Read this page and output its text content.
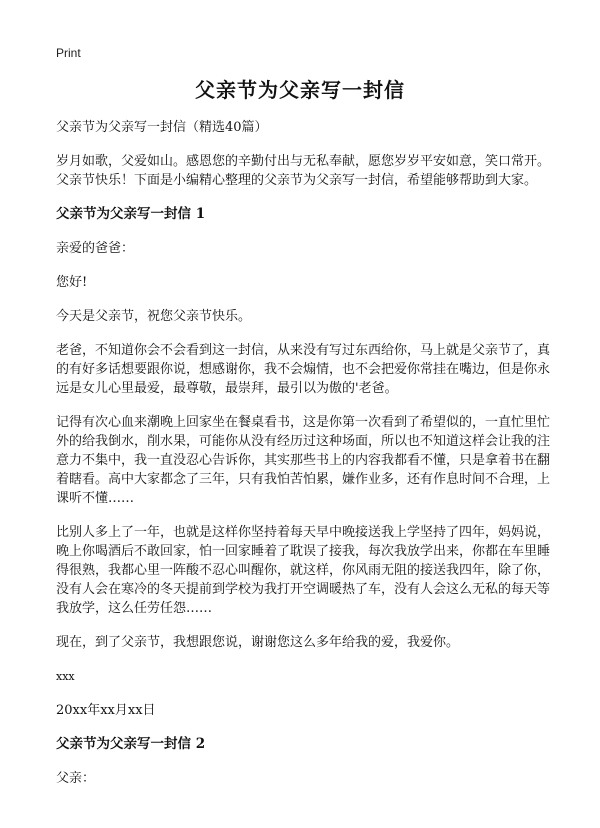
Print
父亲节为父亲写一封信

父亲节为父亲写一封信（精选40篇）

岁月如歌，父爱如山。感恩您的辛勤付出与无私奉献，愿您岁岁平安如意，笑口常开。父亲节快乐！下面是小编精心整理的父亲节为父亲写一封信，希望能够帮助到大家。

父亲节为父亲写一封信 1

亲爱的爸爸：

您好!

今天是父亲节，祝您父亲节快乐。

老爸，不知道你会不会看到这一封信，从来没有写过东西给你，马上就是父亲节了，真的有好多话想要跟你说，想感谢你，我不会煽情，也不会把爱你常挂在嘴边，但是你永远是女儿心里最爱，最尊敬，最崇拜，最引以为傲的'老爸。

记得有次心血来潮晚上回家坐在餐桌看书，这是你第一次看到了希望似的，一直忙里忙外的给我倒水，削水果，可能你从没有经历过这种场面，所以也不知道这样会让我的注意力不集中，我一直没忍心告诉你，其实那些书上的内容我都看不懂，只是拿着书在翻着瞎看。高中大家都念了三年，只有我怕苦怕累，嫌作业多，还有作息时间不合理，上课听不懂……

比别人多上了一年，也就是这样你坚持着每天早中晚接送我上学坚持了四年，妈妈说，晚上你喝酒后不敢回家，怕一回家睡着了耽误了接我，每次我放学出来，你都在车里睡得很熟，我都心里一阵酸不忍心叫醒你，就这样，你风雨无阻的接送我四年，除了你，没有人会在寒冷的冬天提前到学校为我打开空调暖热了车，没有人会这么无私的每天等我放学，这么任劳任怨……

现在，到了父亲节，我想跟您说，谢谢您这么多年给我的爱，我爱你。

xxx

20xx年xx月xx日

父亲节为父亲写一封信 2

父亲：
